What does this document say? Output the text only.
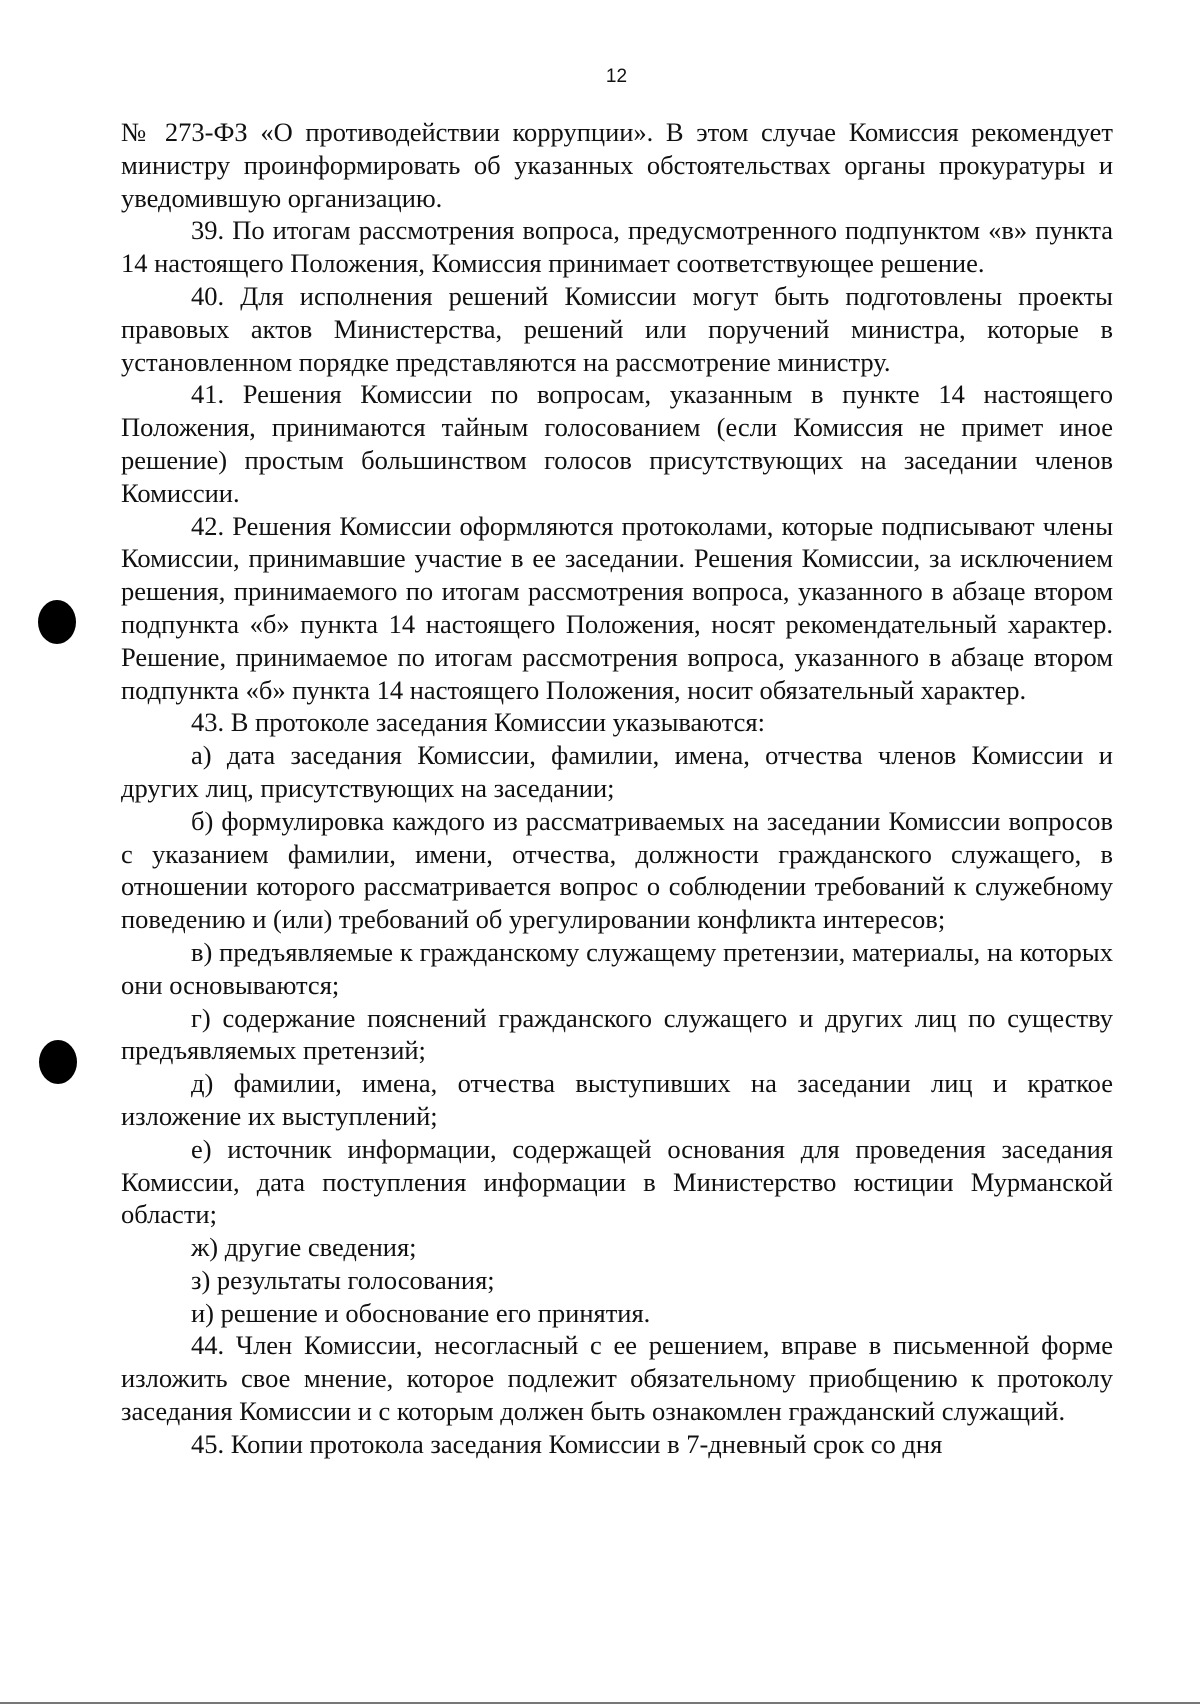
12

№ 273-ФЗ «О противодействии коррупции». В этом случае Комиссия рекомендует министру проинформировать об указанных обстоятельствах органы прокуратуры и уведомившую организацию.

39. По итогам рассмотрения вопроса, предусмотренного подпунктом «в» пункта 14 настоящего Положения, Комиссия принимает соответствующее решение.

40. Для исполнения решений Комиссии могут быть подготовлены проекты правовых актов Министерства, решений или поручений министра, которые в установленном порядке представляются на рассмотрение министру.

41. Решения Комиссии по вопросам, указанным в пункте 14 настоящего Положения, принимаются тайным голосованием (если Комиссия не примет иное решение) простым большинством голосов присутствующих на заседании членов Комиссии.

42. Решения Комиссии оформляются протоколами, которые подписывают члены Комиссии, принимавшие участие в ее заседании. Решения Комиссии, за исключением решения, принимаемого по итогам рассмотрения вопроса, указанного в абзаце втором подпункта «б» пункта 14 настоящего Положения, носят рекомендательный характер. Решение, принимаемое по итогам рассмотрения вопроса, указанного в абзаце втором подпункта «б» пункта 14 настоящего Положения, носит обязательный характер.

43. В протоколе заседания Комиссии указываются:

а) дата заседания Комиссии, фамилии, имена, отчества членов Комиссии и других лиц, присутствующих на заседании;

б) формулировка каждого из рассматриваемых на заседании Комиссии вопросов с указанием фамилии, имени, отчества, должности гражданского служащего, в отношении которого рассматривается вопрос о соблюдении требований к служебному поведению и (или) требований об урегулировании конфликта интересов;

в) предъявляемые к гражданскому служащему претензии, материалы, на которых они основываются;

г) содержание пояснений гражданского служащего и других лиц по существу предъявляемых претензий;

д) фамилии, имена, отчества выступивших на заседании лиц и краткое изложение их выступлений;

е) источник информации, содержащей основания для проведения заседания Комиссии, дата поступления информации в Министерство юстиции Мурманской области;

ж) другие сведения;

з) результаты голосования;

и) решение и обоснование его принятия.

44. Член Комиссии, несогласный с ее решением, вправе в письменной форме изложить свое мнение, которое подлежит обязательному приобщению к протоколу заседания Комиссии и с которым должен быть ознакомлен гражданский служащий.

45. Копии протокола заседания Комиссии в 7-дневный срок со дня
